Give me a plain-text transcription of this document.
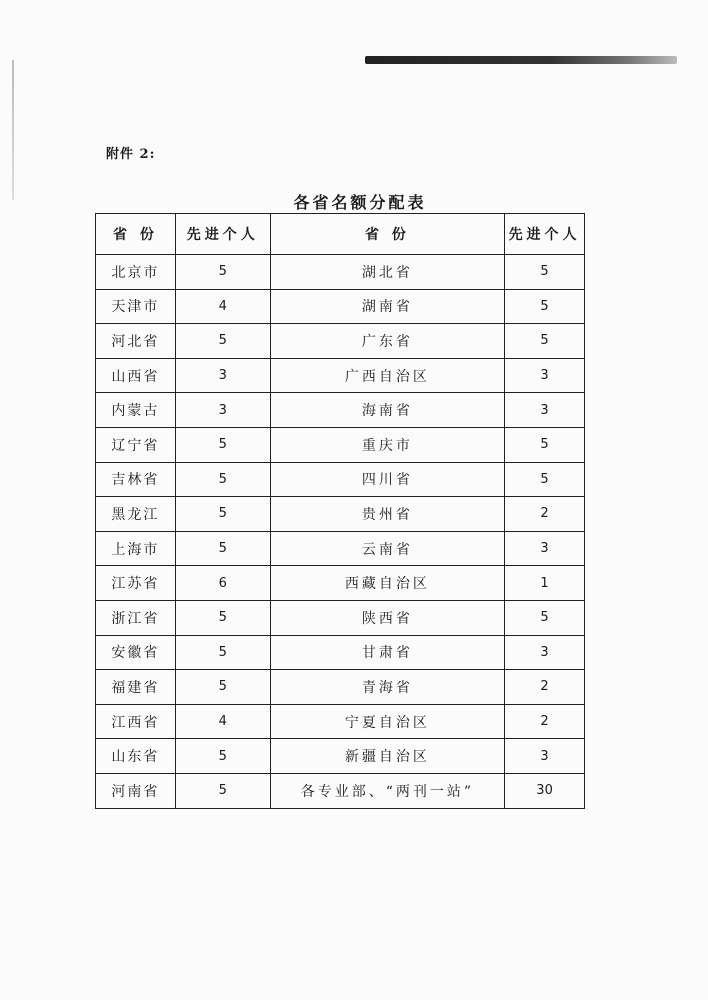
附件 2:
各省名额分配表
省 份	先进个人	省 份	先进个人
北京市	5	湖北省	5
天津市	4	湖南省	5
河北省	5	广东省	5
山西省	3	广西自治区	3
内蒙古	3	海南省	3
辽宁省	5	重庆市	5
吉林省	5	四川省	5
黑龙江	5	贵州省	2
上海市	5	云南省	3
江苏省	6	西藏自治区	1
浙江省	5	陕西省	5
安徽省	5	甘肃省	3
福建省	5	青海省	2
江西省	4	宁夏自治区	2
山东省	5	新疆自治区	3
河南省	5	各专业部、“两刊一站”	30
